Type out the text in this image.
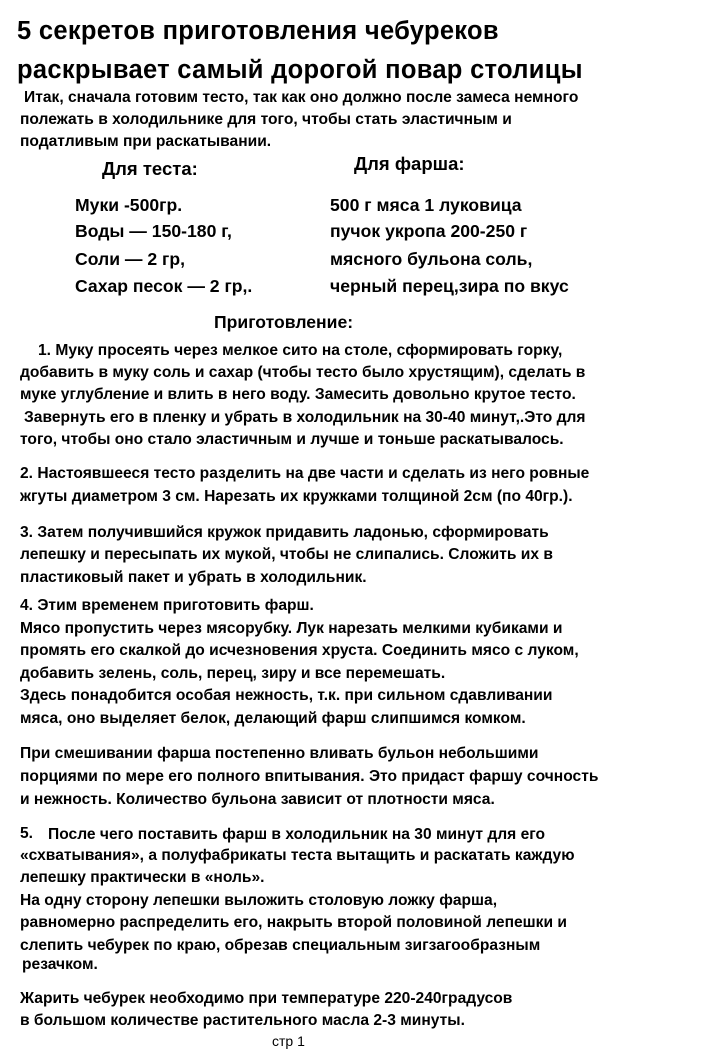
5 секретов приготовления чебуреков
раскрывает самый дорогой повар столицы
Итак, сначала готовим тесто, так как оно должно после замеса немного
полежать в холодильнике для того, чтобы стать эластичным и
податливым при раскатывании.
Для теста:	Для фарша:
Муки -500гр.
Воды — 150-180 г,
Соли — 2 гр,
Сахар песок — 2 гр,.
500 г мяса 1 луковица
пучок укропа 200-250 г
мясного бульона соль,
черный перец,зира по вкус
Приготовление:
1. Муку просеять через мелкое сито на столе, сформировать горку,
добавить в муку соль и сахар (чтобы тесто было хрустящим), сделать в
муке углубление и влить в него воду. Замесить довольно крутое тесто.
Завернуть его в пленку и убрать в холодильник на 30-40 минут,.Это для
того, чтобы оно стало эластичным и лучше и тоньше раскатывалось.
2. Настоявшееся тесто разделить на две части и сделать из него ровные
жгуты диаметром 3 см. Нарезать их кружками толщиной 2см (по 40гр.).
3. Затем получившийся кружок придавить ладонью, сформировать
лепешку и пересыпать их мукой, чтобы не слипались. Сложить их в
пластиковый пакет и убрать в холодильник.
4. Этим временем приготовить фарш.
Мясо пропустить через мясорубку. Лук нарезать мелкими кубиками и
промять его скалкой до исчезновения хруста. Соединить мясо с луком,
добавить зелень, соль, перец, зиру и все перемешать.
Здесь понадобится особая нежность, т.к. при сильном сдавливании
мяса, оно выделяет белок, делающий фарш слипшимся комком.
При смешивании фарша постепенно вливать бульон небольшими
порциями по мере его полного впитывания. Это придаст фаршу сочность
и нежность. Количество бульона зависит от плотности мяса.
5. После чего поставить фарш в холодильник на 30 минут для его
«схватывания», а полуфабрикаты теста вытащить и раскатать каждую
лепешку практически в «ноль».
На одну сторону лепешки выложить столовую ложку фарша,
равномерно распределить его, накрыть второй половиной лепешки и
слепить чебурек по краю, обрезав специальным зигзагообразным
резачком.
Жарить чебурек необходимо при температуре 220-240градусов
в большом количестве растительного масла 2-3 минуты.
стр 1
